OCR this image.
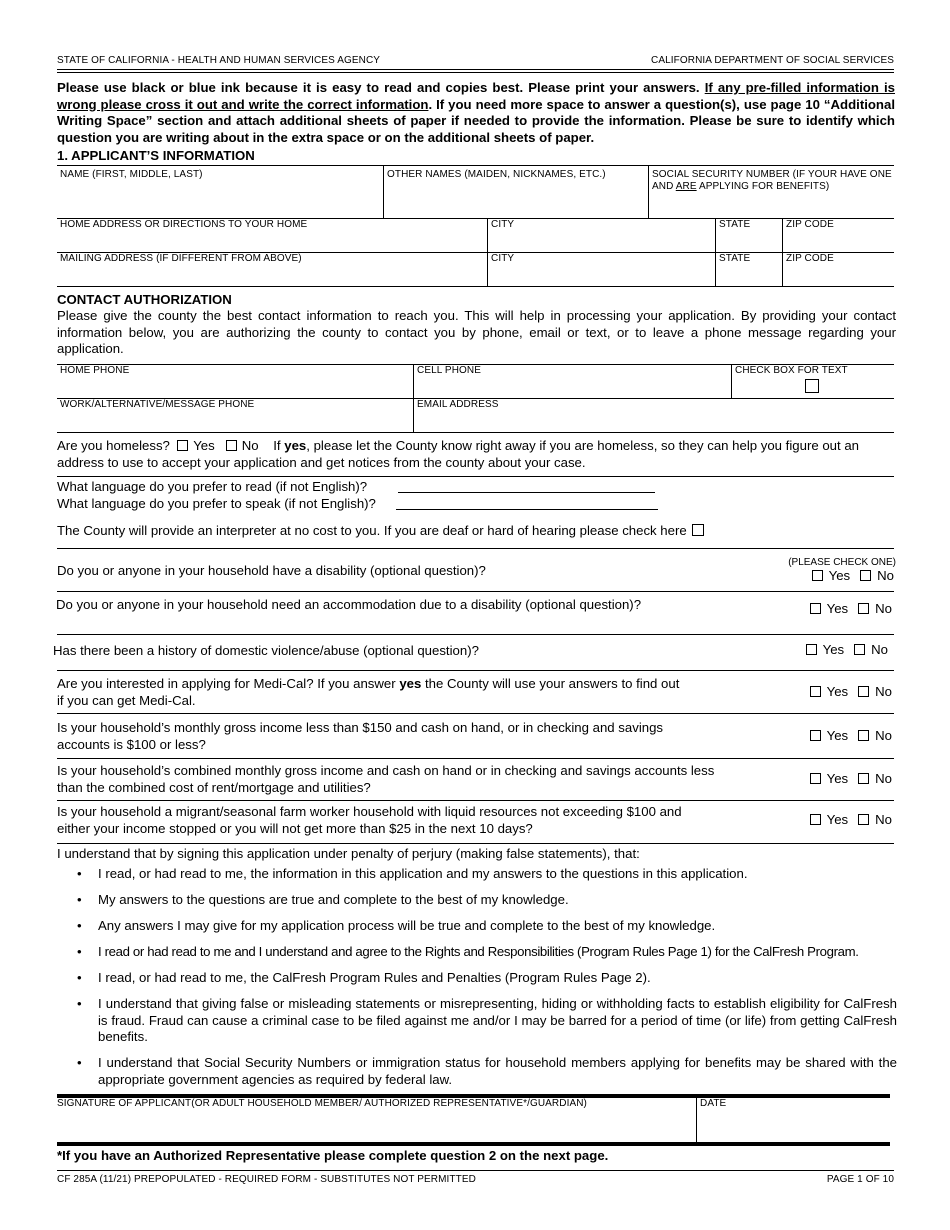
STATE OF CALIFORNIA - HEALTH AND HUMAN SERVICES AGENCY	CALIFORNIA DEPARTMENT OF SOCIAL SERVICES
Please use black or blue ink because it is easy to read and copies best. Please print your answers. If any pre-filled information is wrong please cross it out and write the correct information. If you need more space to answer a question(s), use page 10 “Additional Writing Space” section and attach additional sheets of paper if needed to provide the information. Please be sure to identify which question you are writing about in the extra space or on the additional sheets of paper.
1. APPLICANT’S INFORMATION
NAME (FIRST, MIDDLE, LAST)	OTHER NAMES (MAIDEN, NICKNAMES, ETC.)	SOCIAL SECURITY NUMBER (IF YOUR HAVE ONE
AND ARE APPLYING FOR BENEFITS)
HOME ADDRESS OR DIRECTIONS TO YOUR HOME	CITY	STATE	ZIP CODE
MAILING ADDRESS (IF DIFFERENT FROM ABOVE)	CITY	STATE	ZIP CODE
CONTACT AUTHORIZATION
Please give the county the best contact information to reach you. This will help in processing your application. By providing your contact information below, you are authorizing the county to contact you by phone, email or text, or to leave a phone message regarding your application.
HOME PHONE	CELL PHONE	CHECK BOX FOR TEXT
WORK/ALTERNATIVE/MESSAGE PHONE	EMAIL ADDRESS
Are you homeless? Yes No If yes, please let the County know right away if you are homeless, so they can help you figure out an address to use to accept your application and get notices from the county about your case.
What language do you prefer to read (if not English)?
What language do you prefer to speak (if not English)?
The County will provide an interpreter at no cost to you. If you are deaf or hard of hearing please check here
(PLEASE CHECK ONE)
Do you or anyone in your household have a disability (optional question)?	Yes No
Do you or anyone in your household need an accommodation due to a disability (optional question)?	Yes No
Has there been a history of domestic violence/abuse (optional question)?	Yes No
Are you interested in applying for Medi-Cal? If you answer yes the County will use your answers to find out if you can get Medi-Cal.
Yes No
Is your household’s monthly gross income less than $150 and cash on hand, or in checking and savings accounts is $100 or less?
Yes No
Is your household’s combined monthly gross income and cash on hand or in checking and savings accounts less than the combined cost of rent/mortgage and utilities?
Yes No
Is your household a migrant/seasonal farm worker household with liquid resources not exceeding $100 and either your income stopped or you will not get more than $25 in the next 10 days?
Yes No
I understand that by signing this application under penalty of perjury (making false statements), that:
• I read, or had read to me, the information in this application and my answers to the questions in this application.
• My answers to the questions are true and complete to the best of my knowledge.
• Any answers I may give for my application process will be true and complete to the best of my knowledge.
• I read or had read to me and I understand and agree to the Rights and Responsibilities (Program Rules Page 1) for the CalFresh Program.
• I read, or had read to me, the CalFresh Program Rules and Penalties (Program Rules Page 2).
• I understand that giving false or misleading statements or misrepresenting, hiding or withholding facts to establish eligibility for CalFresh is fraud. Fraud can cause a criminal case to be filed against me and/or I may be barred for a period of time (or life) from getting CalFresh benefits.
• I understand that Social Security Numbers or immigration status for household members applying for benefits may be shared with the appropriate government agencies as required by federal law.
SIGNATURE OF APPLICANT(OR ADULT HOUSEHOLD MEMBER/ AUTHORIZED REPRESENTATIVE*/GUARDIAN)	DATE
*If you have an Authorized Representative please complete question 2 on the next page.
CF 285A (11/21) PREPOPULATED - REQUIRED FORM - SUBSTITUTES NOT PERMITTED	PAGE 1 OF 10
